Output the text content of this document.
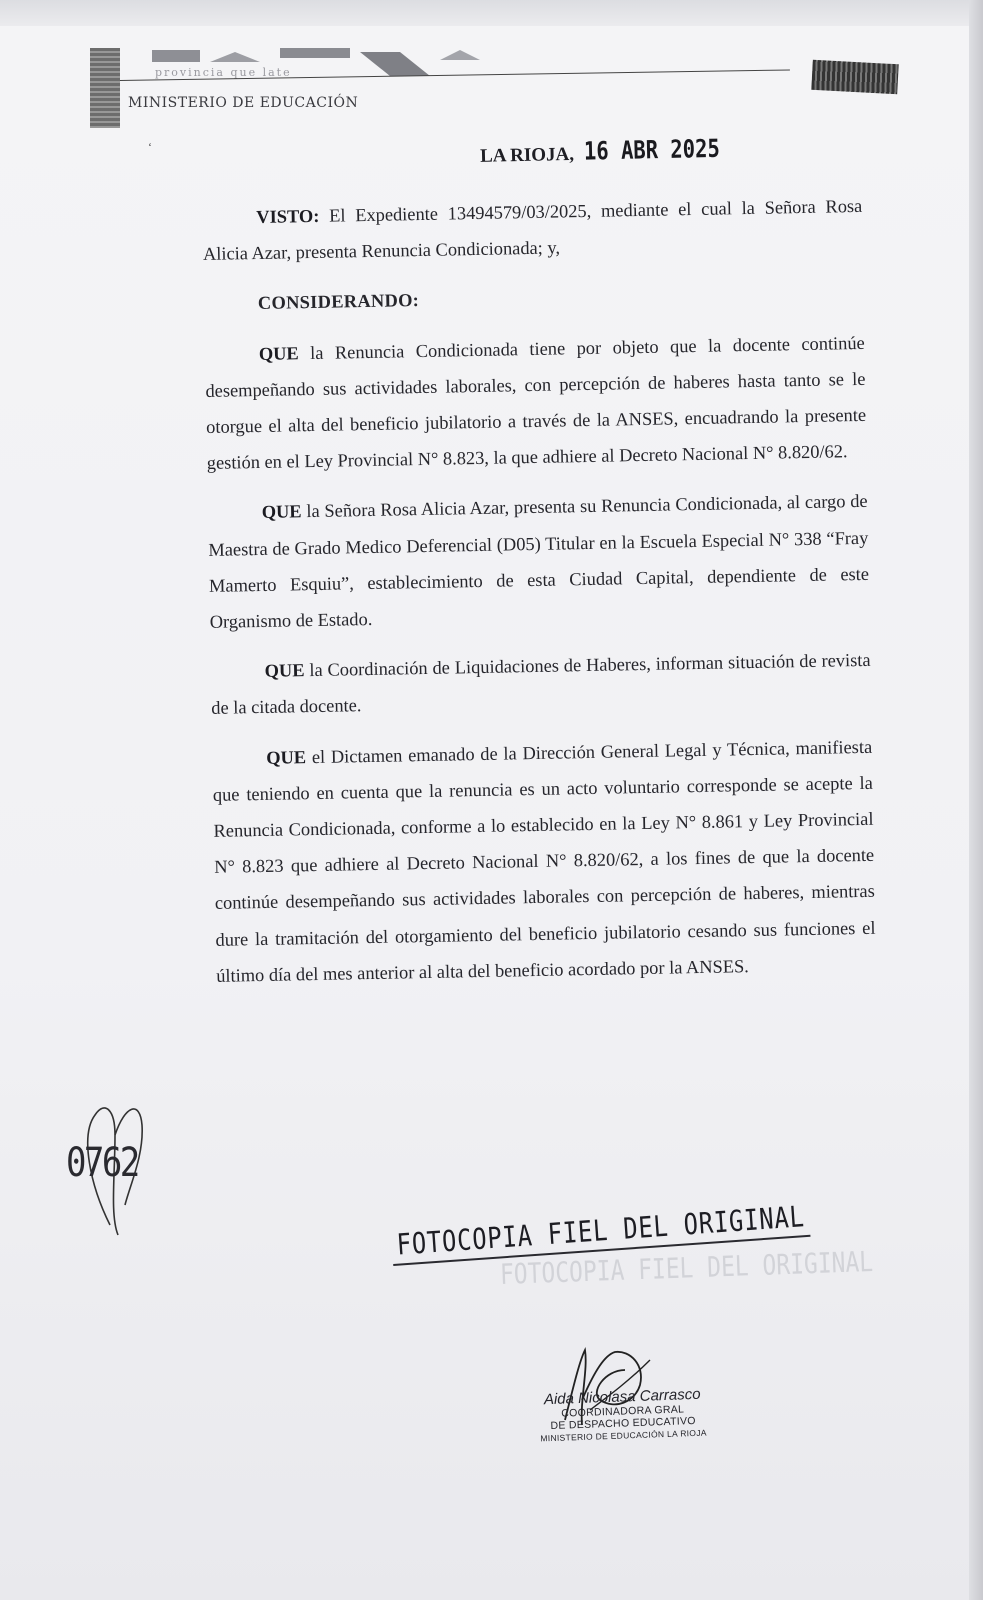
provincia que late
MINISTERIO DE EDUCACIÓN
ʻ	LA RIOJA, 16 ABR 2025

VISTO: El Expediente 13494579/03/2025, mediante el cual la Señora Rosa Alicia Azar, presenta Renuncia Condicionada; y,

CONSIDERANDO:

QUE la Renuncia Condicionada tiene por objeto que la docente continúe desempeñando sus actividades laborales, con percepción de haberes hasta tanto se le otorgue el alta del beneficio jubilatorio a través de la ANSES, encuadrando la presente gestión en el Ley Provincial N° 8.823, la que adhiere al Decreto Nacional N° 8.820/62.

QUE la Señora Rosa Alicia Azar, presenta su Renuncia Condicionada, al cargo de Maestra de Grado Medico Deferencial (D05) Titular en la Escuela Especial N° 338 “Fray Mamerto Esquiu”, establecimiento de esta Ciudad Capital, dependiente de este Organismo de Estado.

QUE la Coordinación de Liquidaciones de Haberes, informan situación de revista de la citada docente.

QUE el Dictamen emanado de la Dirección General Legal y Técnica, manifiesta que teniendo en cuenta que la renuncia es un acto voluntario corresponde se acepte la Renuncia Condicionada, conforme a lo establecido en la Ley N° 8.861 y Ley Provincial N° 8.823 que adhiere al Decreto Nacional N° 8.820/62, a los fines de que la docente continúe desempeñando sus actividades laborales con percepción de haberes, mientras dure la tramitación del otorgamiento del beneficio jubilatorio cesando sus funciones el último día del mes anterior al alta del beneficio acordado por la ANSES.

0762
FOTOCOPIA FIEL DEL ORIGINAL
FOTOCOPIA FIEL DEL ORIGINAL
Aida Nicolasa Carrasco
COORDINADORA GRAL
DE DESPACHO EDUCATIVO
MINISTERIO DE EDUCACIÓN LA RIOJA
